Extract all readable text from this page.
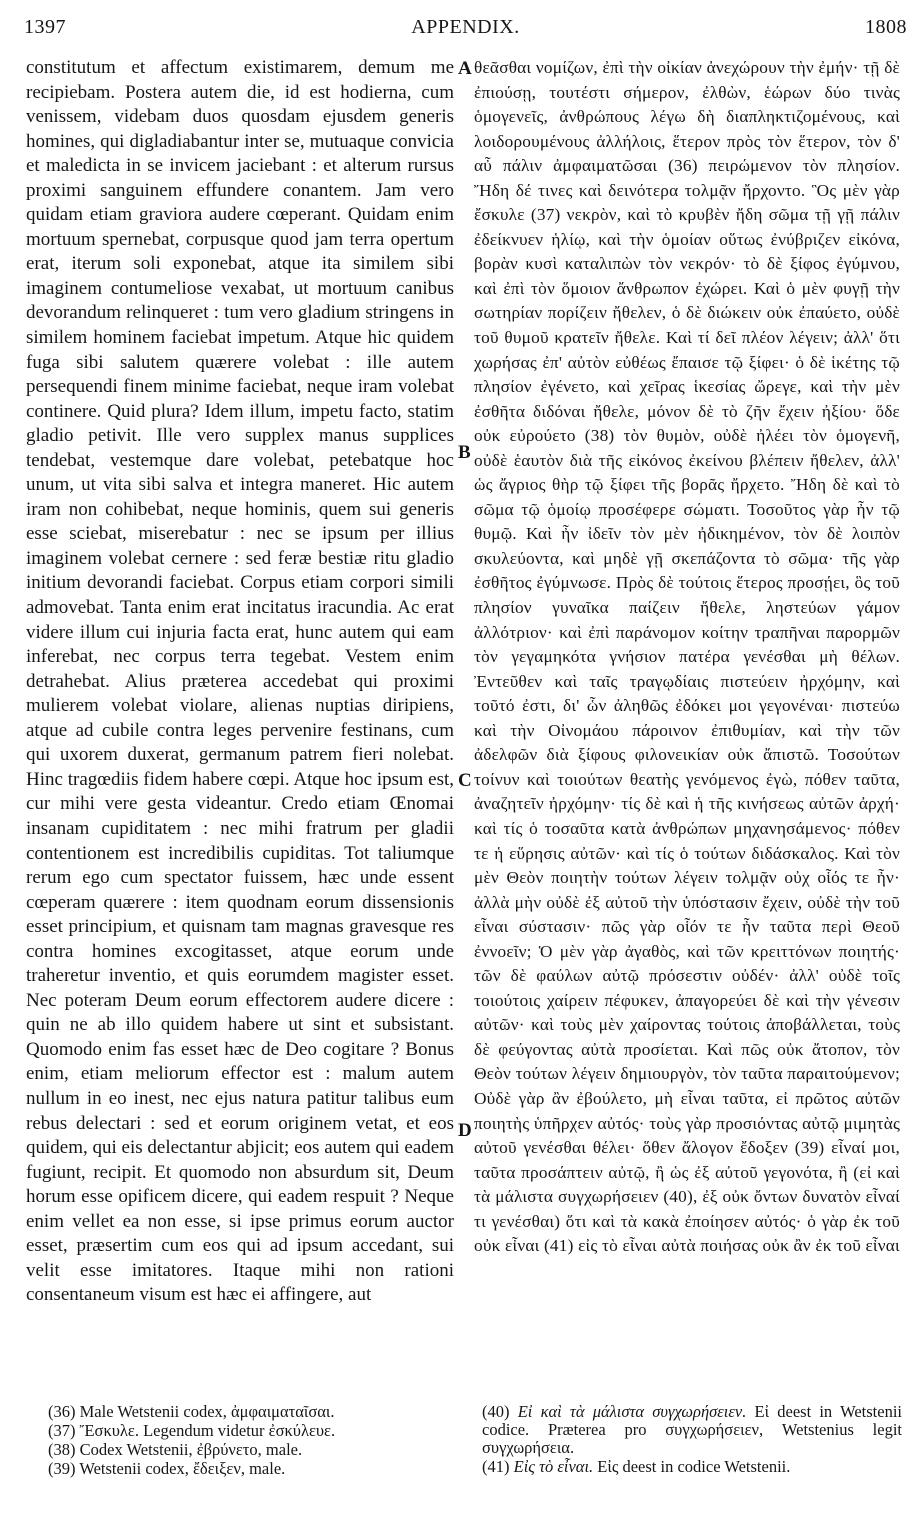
1397	APPENDIX.	1808

constitutum et affectum existimarem, demum me recipiebam. Postera autem die, id est hodierna, cum venissem, videbam duos quosdam ejusdem generis homines, qui digladiabantur inter se, mutuaque convicia et maledicta in se invicem jaciebant : et alterum rursus proximi sanguinem effundere conantem. Jam vero quidam etiam graviora audere cœperant. Quidam enim mortuum spernebat, corpusque quod jam terra opertum erat, iterum soli exponebat, atque ita similem sibi imaginem contumeliose vexabat, ut mortuum canibus devorandum relinqueret : tum vero gladium stringens in similem hominem faciebat impetum. Atque hic quidem fuga sibi salutem quærere volebat : ille autem persequendi finem minime faciebat, neque iram volebat continere. Quid plura? Idem illum, impetu facto, statim gladio petivit. Ille vero supplex manus supplices tendebat, vestemque dare volebat, petebatque hoc unum, ut vita sibi salva et integra maneret. Hic autem iram non cohibebat, neque hominis, quem sui generis esse sciebat, miserebatur : nec se ipsum per illius imaginem volebat cernere : sed feræ bestiæ ritu gladio initium devorandi faciebat. Corpus etiam corpori simili admovebat. Tanta enim erat incitatus iracundia. Ac erat videre illum cui injuria facta erat, hunc autem qui eam inferebat, nec corpus terra tegebat. Vestem enim detrahebat. Alius præterea accedebat qui proximi mulierem volebat violare, alienas nuptias diripiens, atque ad cubile contra leges pervenire festinans, cum qui uxorem duxerat, germanum patrem fieri nolebat. Hinc tragœdiis fidem habere cœpi. Atque hoc ipsum est, cur mihi vere gesta videantur. Credo etiam Œnomai insanam cupiditatem : nec mihi fratrum per gladii contentionem est incredibilis cupiditas. Tot taliumque rerum ego cum spectator fuissem, hæc unde essent cœperam quærere : item quodnam eorum dissensionis esset principium, et quisnam tam magnas gravesque res contra homines excogitasset, atque eorum unde traheretur inventio, et quis eorumdem magister esset. Nec poteram Deum eorum effectorem audere dicere : quin ne ab illo quidem habere ut sint et subsistant. Quomodo enim fas esset hæc de Deo cogitare ? Bonus enim, etiam meliorum effector est : malum autem nullum in eo inest, nec ejus natura patitur talibus eum rebus delectari : sed et eorum originem vetat, et eos quidem, qui eis delectantur abjicit; eos autem qui eadem fugiunt, recipit. Et quomodo non absurdum sit, Deum horum esse opificem dicere, qui eadem respuit ? Neque enim vellet ea non esse, si ipse primus eorum auctor esset, præsertim cum eos qui ad ipsum accedant, sui velit esse imitatores. Itaque mihi non rationi consentaneum visum est hæc ei affingere, aut

A
B
C
D

θεᾶσθαι νομίζων, ἐπὶ τὴν οἰκίαν ἀνεχώρουν τὴν ἐμήν· τῇ δὲ ἐπιούσῃ, τουτέστι σήμερον, ἐλθὼν, ἑώρων δύο τινὰς ὁμογενεῖς, ἀνθρώπους λέγω δὴ διαπληκτιζομένους, καὶ λοιδορουμένους ἀλλήλοις, ἕτερον πρὸς τὸν ἕτερον, τὸν δ' αὖ πάλιν ἀμφαιματῶσαι (36) πειρώμενον τὸν πλησίον. Ἤδη δέ τινες καὶ δεινότερα τολμᾷν ἤρχοντο. Ὃς μὲν γὰρ ἔσκυλε (37) νεκρὸν, καὶ τὸ κρυβὲν ἤδη σῶμα τῇ γῇ πάλιν ἐδείκνυεν ἡλίῳ, καὶ τὴν ὁμοίαν οὕτως ἐνύβριζεν εἰκόνα, βορὰν κυσὶ καταλιπὼν τὸν νεκρόν· τὸ δὲ ξίφος ἐγύμνου, καὶ ἐπὶ τὸν ὅμοιον ἄνθρωπον ἐχώρει. Καὶ ὁ μὲν φυγῇ τὴν σωτηρίαν πορίζειν ἤθελεν, ὁ δὲ διώκειν οὐκ ἐπαύετο, οὐδὲ τοῦ θυμοῦ κρατεῖν ἤθελε. Καὶ τί δεῖ πλέον λέγειν; ἀλλ' ὅτι χωρήσας ἐπ' αὐτὸν εὐθέως ἔπαισε τῷ ξίφει· ὁ δὲ ἱκέτης τῷ πλησίον ἐγένετο, καὶ χεῖρας ἱκεσίας ὤρεγε, καὶ τὴν μὲν ἐσθῆτα διδόναι ἤθελε, μόνον δὲ τὸ ζῆν ἔχειν ἠξίου· ὅδε οὐκ εὐρούετο (38) τὸν θυμὸν, οὐδὲ ἠλέει τὸν ὁμογενῆ, οὐδὲ ἑαυτὸν διὰ τῆς εἰκόνος ἐκείνου βλέπειν ἤθελεν, ἀλλ' ὡς ἄγριος θὴρ τῷ ξίφει τῆς βορᾶς ἤρχετο. Ἤδη δὲ καὶ τὸ σῶμα τῷ ὁμοίῳ προσέφερε σώματι. Τοσοῦτος γὰρ ἦν τῷ θυμῷ. Καὶ ἦν ἰδεῖν τὸν μὲν ἠδικημένον, τὸν δὲ λοιπὸν σκυλεύοντα, καὶ μηδὲ γῇ σκεπάζοντα τὸ σῶμα· τῆς γὰρ ἐσθῆτος ἐγύμνωσε. Πρὸς δὲ τούτοις ἕτερος προσῄει, ὃς τοῦ πλησίον γυναῖκα παίζειν ἤθελε, ληστεύων γάμον ἀλλότριον· καὶ ἐπὶ παράνομον κοίτην τραπῆναι παρορμῶν τὸν γεγαμηκότα γνήσιον πατέρα γενέσθαι μὴ θέλων. Ἐντεῦθεν καὶ ταῖς τραγῳδίαις πιστεύειν ἠρχόμην, καὶ τοῦτό ἐστι, δι' ὧν ἀληθῶς ἐδόκει μοι γεγονέναι· πιστεύω καὶ τὴν Οἰνομάου πάροινον ἐπιθυμίαν, καὶ τὴν τῶν ἀδελφῶν διὰ ξίφους φιλονεικίαν οὐκ ἄπιστῶ. Τοσούτων τοίνυν καὶ τοιούτων θεατὴς γενόμενος ἐγὼ, πόθεν ταῦτα, ἀναζητεῖν ἠρχόμην· τίς δὲ καὶ ἡ τῆς κινήσεως αὐτῶν ἀρχή· καὶ τίς ὁ τοσαῦτα κατὰ ἀνθρώπων μηχανησάμενος· πόθεν τε ἡ εὕρησις αὐτῶν· καὶ τίς ὁ τούτων διδάσκαλος. Καὶ τὸν μὲν Θεὸν ποιητὴν τούτων λέγειν τολμᾷν οὐχ οἷός τε ἦν· ἀλλὰ μὴν οὐδὲ ἐξ αὐτοῦ τὴν ὑπόστασιν ἔχειν, οὐδὲ τὴν τοῦ εἶναι σύστασιν· πῶς γὰρ οἷόν τε ἦν ταῦτα περὶ Θεοῦ ἐννοεῖν; Ὁ μὲν γὰρ ἀγαθὸς, καὶ τῶν κρειττόνων ποιητής· τῶν δὲ φαύλων αὐτῷ πρόσεστιν οὐδέν· ἀλλ' οὐδὲ τοῖς τοιούτοις χαίρειν πέφυκεν, ἀπαγορεύει δὲ καὶ τὴν γένεσιν αὐτῶν· καὶ τοὺς μὲν χαίροντας τούτοις ἀποβάλλεται, τοὺς δὲ φεύγοντας αὐτὰ προσίεται. Καὶ πῶς οὐκ ἄτοπον, τὸν Θεὸν τούτων λέγειν δημιουργὸν, τὸν ταῦτα παραιτούμενον; Οὐδὲ γὰρ ἂν ἐβούλετο, μὴ εἶναι ταῦτα, εἰ πρῶτος αὐτῶν ποιητὴς ὑπῆρχεν αὐτός· τοὺς γὰρ προσιόντας αὐτῷ μιμητὰς αὐτοῦ γενέσθαι θέλει· ὅθεν ἄλογον ἔδοξεν (39) εἶναί μοι, ταῦτα προσάπτειν αὐτῷ, ἢ ὡς ἐξ αὐτοῦ γεγονότα, ἢ (εἰ καὶ τὰ μάλιστα συγχωρήσειεν (40), ἐξ οὐκ ὄντων δυνατὸν εἶναί τι γενέσθαι) ὅτι καὶ τὰ κακὰ ἐποίησεν αὐτός· ὁ γὰρ ἐκ τοῦ οὐκ εἶναι (41) εἰς τὸ εἶναι αὐτὰ ποιήσας οὐκ ἂν ἐκ τοῦ εἶναι

(36) Male Wetstenii codex, ἀμφαιματαῖσαι.
(37) Ἔσκυλε. Legendum videtur ἐσκύλευε.
(38) Codex Wetstenii, ἐβρύνετο, male.
(39) Wetstenii codex, ἔδειξεν, male.
(40) Εἰ καὶ τὰ μάλιστα συγχωρήσειεν. Εἰ deest in Wetstenii codice. Præterea pro συγχωρήσειεν, Wetstenius legit συγχωρήσεια.
(41) Εἰς τὸ εἶναι. Εἰς deest in codice Wetstenii.
